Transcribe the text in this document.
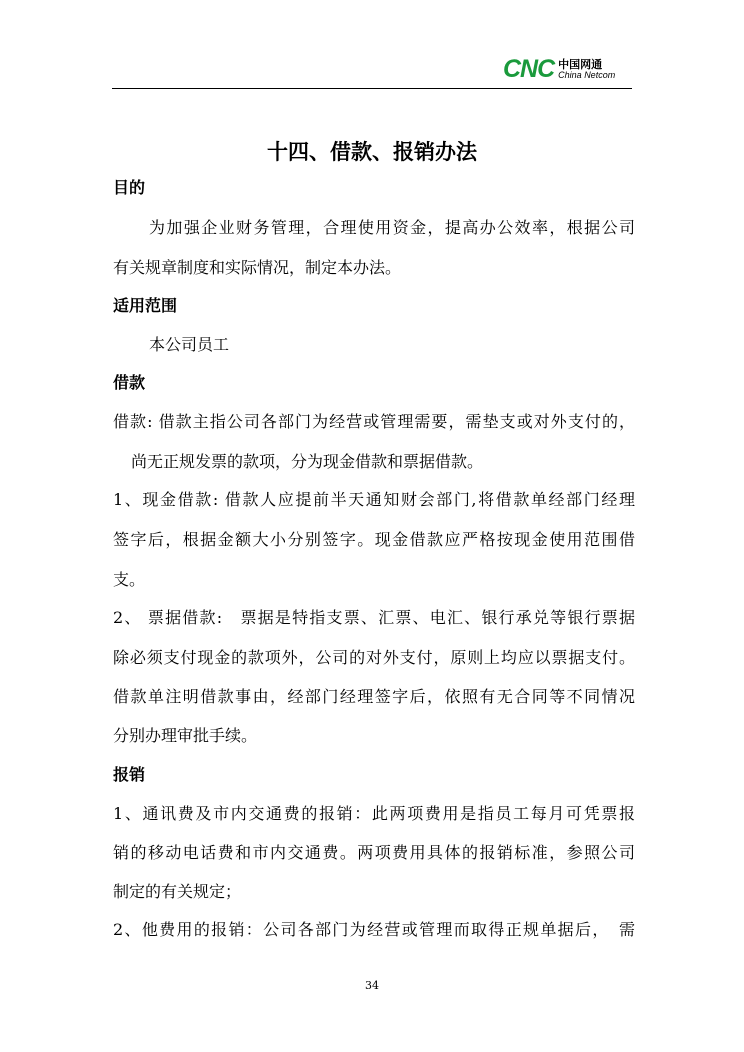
CNC 中国网通
China Netcom
十四、借款、报销办法
目的
为加强企业财务管理，合理使用资金，提高办公效率，根据公司
有关规章制度和实际情况，制定本办法。
适用范围
本公司员工
借款
借款: 借款主指公司各部门为经营或管理需要，需垫支或对外支付的，
尚无正规发票的款项，分为现金借款和票据借款。
1、现金借款: 借款人应提前半天通知财会部门,将借款单经部门经理
签字后，根据金额大小分别签字。现金借款应严格按现金使用范围借
支。
2、 票据借款:　票据是特指支票、汇票、电汇、银行承兑等银行票据
除必须支付现金的款项外，公司的对外支付，原则上均应以票据支付。
借款单注明借款事由，经部门经理签字后，依照有无合同等不同情况
分别办理审批手续。
报销
1、通讯费及市内交通费的报销：此两项费用是指员工每月可凭票报
销的移动电话费和市内交通费。两项费用具体的报销标准，参照公司
制定的有关规定；
2、他费用的报销：公司各部门为经营或管理而取得正规单据后，　需
34
